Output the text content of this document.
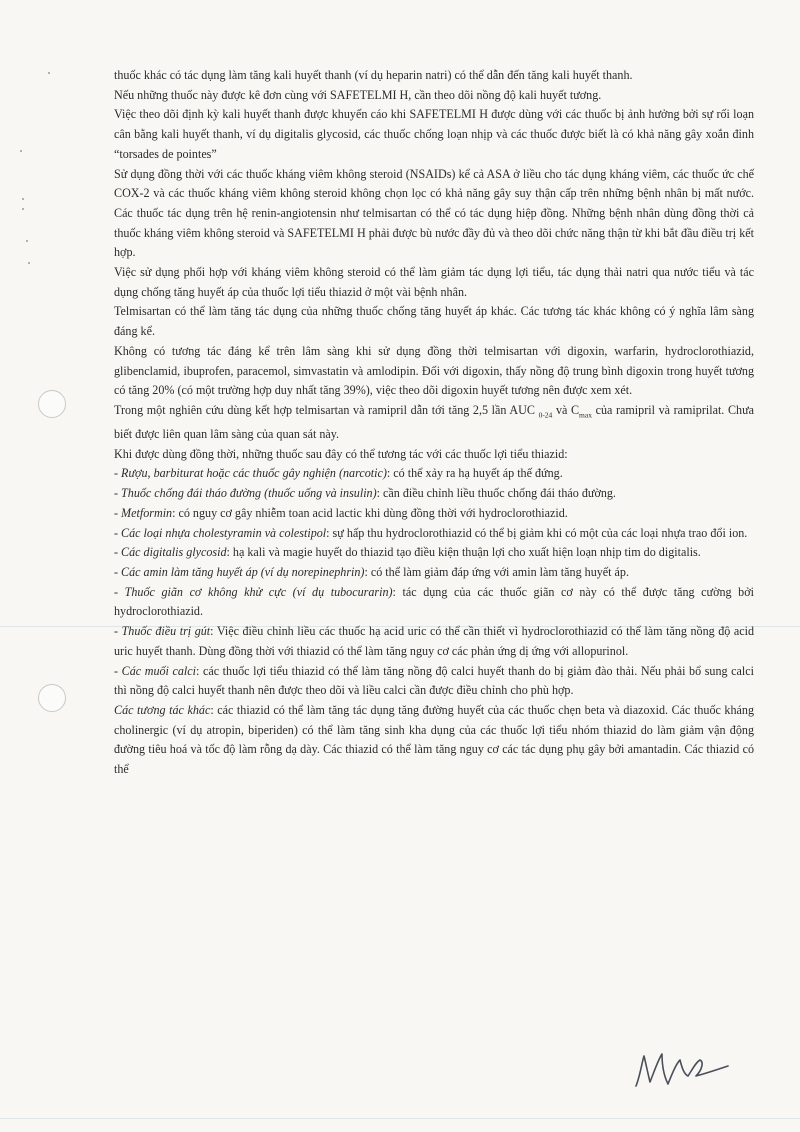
thuốc khác có tác dụng làm tăng kali huyết thanh (ví dụ heparin natri) có thể dẫn đến tăng kali huyết thanh.

Nếu những thuốc này được kê đơn cùng với SAFETELMI H, cần theo dõi nồng độ kali huyết tương.

Việc theo dõi định kỳ kali huyết thanh được khuyến cáo khi SAFETELMI H được dùng với các thuốc bị ảnh hưởng bởi sự rối loạn cân bằng kali huyết thanh, ví dụ digitalis glycosid, các thuốc chống loạn nhịp và các thuốc được biết là có khả năng gây xoắn đỉnh “torsades de pointes”

Sử dụng đồng thời với các thuốc kháng viêm không steroid (NSAIDs) kể cả ASA ở liều cho tác dụng kháng viêm, các thuốc ức chế COX-2 và các thuốc kháng viêm không steroid không chọn lọc có khả năng gây suy thận cấp trên những bệnh nhân bị mất nước. Các thuốc tác dụng trên hệ renin-angiotensin như telmisartan có thể có tác dụng hiệp đồng. Những bệnh nhân dùng đồng thời cả thuốc kháng viêm không steroid và SAFETELMI H phải được bù nước đầy đủ và theo dõi chức năng thận từ khi bắt đầu điều trị kết hợp.

Việc sử dụng phối hợp với kháng viêm không steroid có thể làm giảm tác dụng lợi tiểu, tác dụng thải natri qua nước tiểu và tác dụng chống tăng huyết áp của thuốc lợi tiểu thiazid ở một vài bệnh nhân.

Telmisartan có thể làm tăng tác dụng của những thuốc chống tăng huyết áp khác. Các tương tác khác không có ý nghĩa lâm sàng đáng kể.

Không có tương tác đáng kể trên lâm sàng khi sử dụng đồng thời telmisartan với digoxin, warfarin, hydroclorothiazid, glibenclamid, ibuprofen, paracemol, simvastatin và amlodipin. Đối với digoxin, thấy nồng độ trung bình digoxin trong huyết tương có tăng 20% (có một trường hợp duy nhất tăng 39%), việc theo dõi digoxin huyết tương nên được xem xét.

Trong một nghiên cứu dùng kết hợp telmisartan và ramipril dẫn tới tăng 2,5 lần AUC $_{0-24}$ và $C_{max}$ của ramipril và ramiprilat. Chưa biết được liên quan lâm sàng của quan sát này.

Khi được dùng đồng thời, những thuốc sau đây có thể tương tác với các thuốc lợi tiểu thiazid:

- Rượu, barbiturat hoặc các thuốc gây nghiện (narcotic): có thể xảy ra hạ huyết áp thế đứng.

- Thuốc chống đái tháo đường (thuốc uống và insulin): cần điều chỉnh liều thuốc chống đái tháo đường.

- Metformin: có nguy cơ gây nhiễm toan acid lactic khi dùng đồng thời với hydroclorothiazid.

- Các loại nhựa cholestyramin và colestipol: sự hấp thu hydroclorothiazid có thể bị giảm khi có một của các loại nhựa trao đổi ion.

- Các digitalis glycosid: hạ kali và magie huyết do thiazid tạo điều kiện thuận lợi cho xuất hiện loạn nhịp tim do digitalis.

- Các amin làm tăng huyết áp (ví dụ norepinephrin): có thể làm giảm đáp ứng với amin làm tăng huyết áp.

- Thuốc giãn cơ không khử cực (ví dụ tubocurarin): tác dụng của các thuốc giãn cơ này có thể được tăng cường bởi hydroclorothiazid.

- Thuốc điều trị gút: Việc điều chỉnh liều các thuốc hạ acid uric có thể cần thiết vì hydroclorothiazid có thể làm tăng nồng độ acid uric huyết thanh. Dùng đồng thời với thiazid có thể làm tăng nguy cơ các phản ứng dị ứng với allopurinol.

- Các muối calci: các thuốc lợi tiểu thiazid có thể làm tăng nồng độ calci huyết thanh do bị giảm đào thải. Nếu phải bổ sung calci thì nồng độ calci huyết thanh nên được theo dõi và liều calci cần được điều chỉnh cho phù hợp.

Các tương tác khác: các thiazid có thể làm tăng tác dụng tăng đường huyết của các thuốc chẹn beta và diazoxid. Các thuốc kháng cholinergic (ví dụ atropin, biperiden) có thể làm tăng sinh kha dụng của các thuốc lợi tiểu nhóm thiazid do làm giảm vận động đường tiêu hoá và tốc độ làm rỗng dạ dày. Các thiazid có thể làm tăng nguy cơ các tác dụng phụ gây bởi amantadin. Các thiazid có thể
